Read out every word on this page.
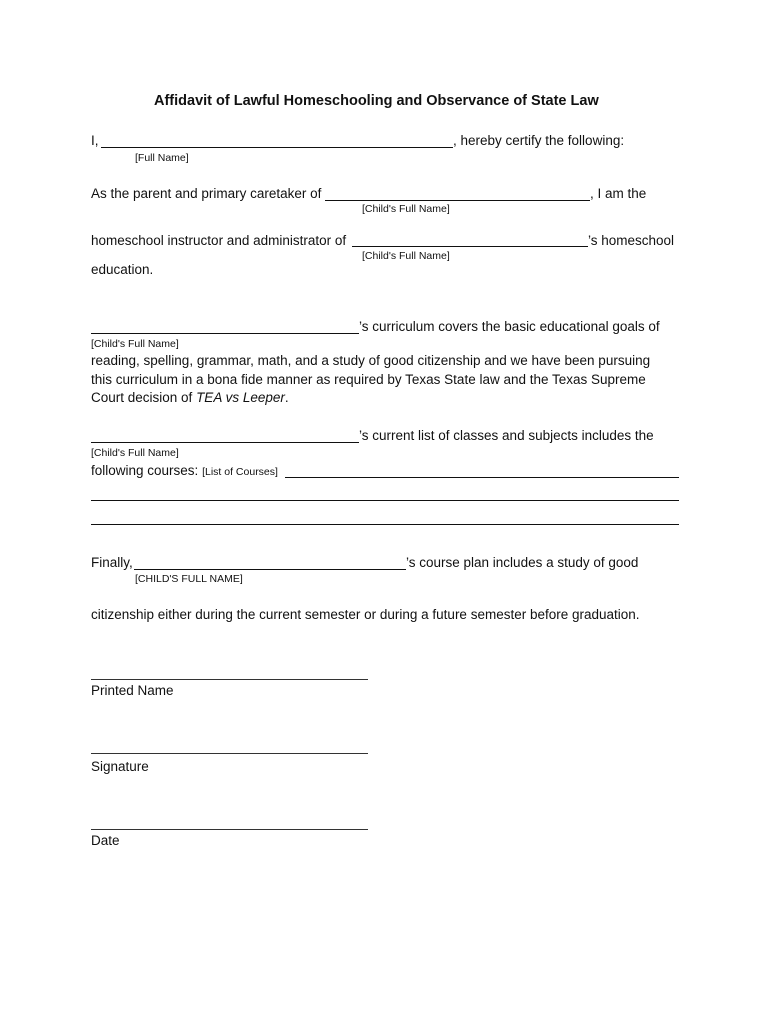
Affidavit of Lawful Homeschooling and Observance of State Law
I,	, hereby certify the following:
[Full Name]
As the parent and primary caretaker of	, I am the
[Child's Full Name]
homeschool instructor and administrator of	’s homeschool
[Child's Full Name]
education.
’s curriculum covers the basic educational goals of
[Child's Full Name]
reading, spelling, grammar, math, and a study of good citizenship and we have been pursuing
this curriculum in a bona fide manner as required by Texas State law and the Texas Supreme
Court decision of TEA vs Leeper.
’s current list of classes and subjects includes the
[Child's Full Name]
following courses: [List of Courses]
Finally,	’s course plan includes a study of good
[CHILD'S FULL NAME]
citizenship either during the current semester or during a future semester before graduation.
Printed Name
Signature
Date
